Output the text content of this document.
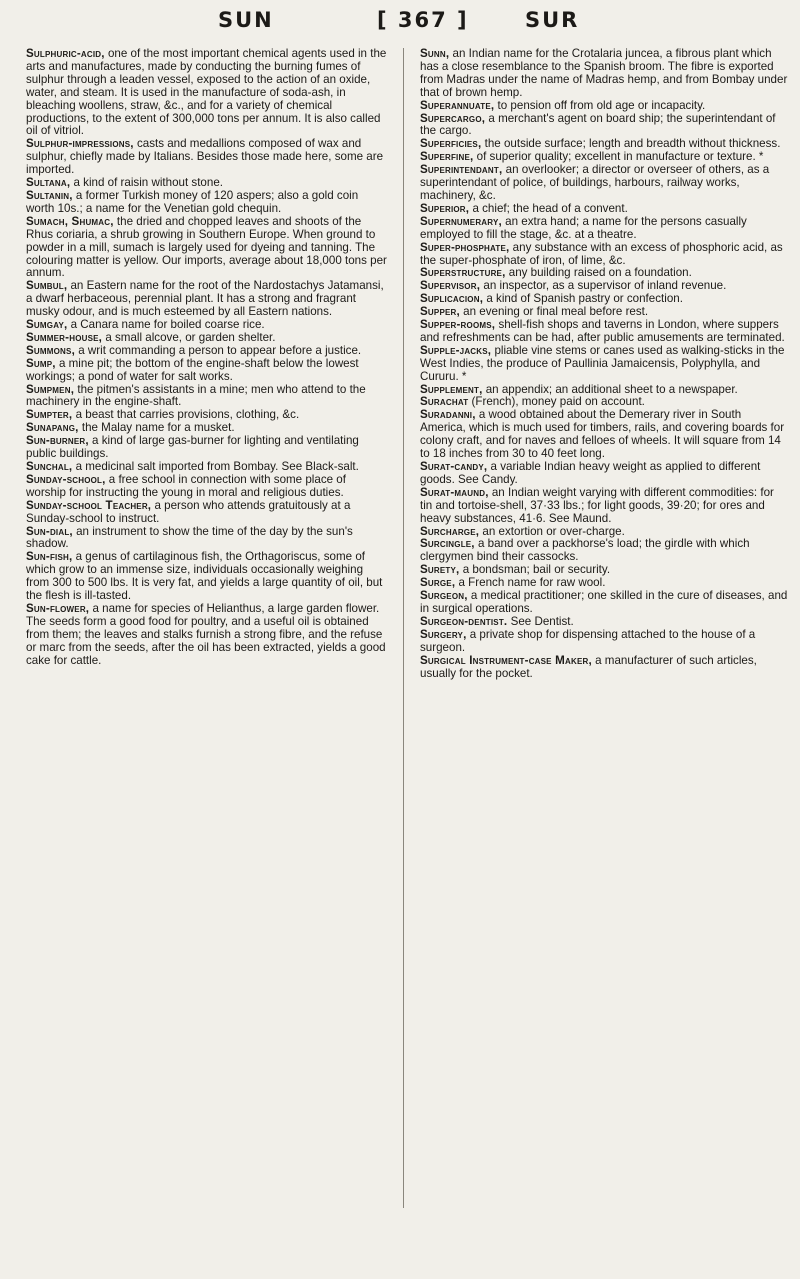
SUN	[ 367 ]	SUR
Sulphuric-acid, one of the most important chemical agents used in the arts and manufactures, made by conducting the burning fumes of sulphur through a leaden vessel, exposed to the action of an oxide, water, and steam. It is used in the manufacture of soda-ash, in bleaching woollens, straw, &c., and for a variety of chemical productions, to the extent of 300,000 tons per annum. It is also called oil of vitriol.
Sulphur-impressions, casts and medallions composed of wax and sulphur, chiefly made by Italians. Besides those made here, some are imported.
Sultana, a kind of raisin without stone.
Sultanin, a former Turkish money of 120 aspers; also a gold coin worth 10s.; a name for the Venetian gold chequin.
Sumach, Shumac, the dried and chopped leaves and shoots of the Rhus coriaria, a shrub growing in Southern Europe. When ground to powder in a mill, sumach is largely used for dyeing and tanning. The colouring matter is yellow. Our imports, average about 18,000 tons per annum.
Sumbul, an Eastern name for the root of the Nardostachys Jatamansi, a dwarf herbaceous, perennial plant. It has a strong and fragrant musky odour, and is much esteemed by all Eastern nations.
Sumgay, a Canara name for boiled coarse rice.
Summer-house, a small alcove, or garden shelter.
Summons, a writ commanding a person to appear before a justice.
Sump, a mine pit; the bottom of the engine-shaft below the lowest workings; a pond of water for salt works.
Sumpmen, the pitmen's assistants in a mine; men who attend to the machinery in the engine-shaft.
Sumpter, a beast that carries provisions, clothing, &c.
Sunapang, the Malay name for a musket.
Sun-burner, a kind of large gas-burner for lighting and ventilating public buildings.
Sunchal, a medicinal salt imported from Bombay. See Black-salt.
Sunday-school, a free school in connection with some place of worship for instructing the young in moral and religious duties.
Sunday-school Teacher, a person who attends gratuitously at a Sunday-school to instruct.
Sun-dial, an instrument to show the time of the day by the sun's shadow.
Sun-fish, a genus of cartilaginous fish, the Orthagoriscus, some of which grow to an immense size, individuals occasionally weighing from 300 to 500 lbs. It is very fat, and yields a large quantity of oil, but the flesh is ill-tasted.
Sun-flower, a name for species of Helianthus, a large garden flower. The seeds form a good food for poultry, and a useful oil is obtained from them; the leaves and stalks furnish a strong fibre, and the refuse or marc from the seeds, after the oil has been extracted, yields a good cake for cattle.
Sunn, an Indian name for the Crotalaria juncea, a fibrous plant which has a close resemblance to the Spanish broom. The fibre is exported from Madras under the name of Madras hemp, and from Bombay under that of brown hemp.
Superannuate, to pension off from old age or incapacity.
Supercargo, a merchant's agent on board ship; the superintendant of the cargo.
Superficies, the outside surface; length and breadth without thickness.
Superfine, of superior quality; excellent in manufacture or texture. *
Superintendant, an overlooker; a director or overseer of others, as a superintendant of police, of buildings, harbours, railway works, machinery, &c.
Superior, a chief; the head of a convent.
Supernumerary, an extra hand; a name for the persons casually employed to fill the stage, &c. at a theatre.
Super-phosphate, any substance with an excess of phosphoric acid, as the super-phosphate of iron, of lime, &c.
Superstructure, any building raised on a foundation.
Supervisor, an inspector, as a supervisor of inland revenue.
Suplicacion, a kind of Spanish pastry or confection.
Supper, an evening or final meal before rest.
Supper-rooms, shell-fish shops and taverns in London, where suppers and refreshments can be had, after public amusements are terminated.
Supple-jacks, pliable vine stems or canes used as walking-sticks in the West Indies, the produce of Paullinia Jamaicensis, Polyphylla, and Cururu. *
Supplement, an appendix; an additional sheet to a newspaper.
Surachat (French), money paid on account.
Suradanni, a wood obtained about the Demerary river in South America, which is much used for timbers, rails, and covering boards for colony craft, and for naves and felloes of wheels. It will square from 14 to 18 inches from 30 to 40 feet long.
Surat-candy, a variable Indian heavy weight as applied to different goods. See Candy.
Surat-maund, an Indian weight varying with different commodities: for tin and tortoise-shell, 37·33 lbs.; for light goods, 39·20; for ores and heavy substances, 41·6. See Maund.
Surcharge, an extortion or over-charge.
Surcingle, a band over a packhorse's load; the girdle with which clergymen bind their cassocks.
Surety, a bondsman; bail or security.
Surge, a French name for raw wool.
Surgeon, a medical practitioner; one skilled in the cure of diseases, and in surgical operations.
Surgeon-dentist. See Dentist.
Surgery, a private shop for dispensing attached to the house of a surgeon.
Surgical Instrument-case Maker, a manufacturer of such articles, usually for the pocket.
